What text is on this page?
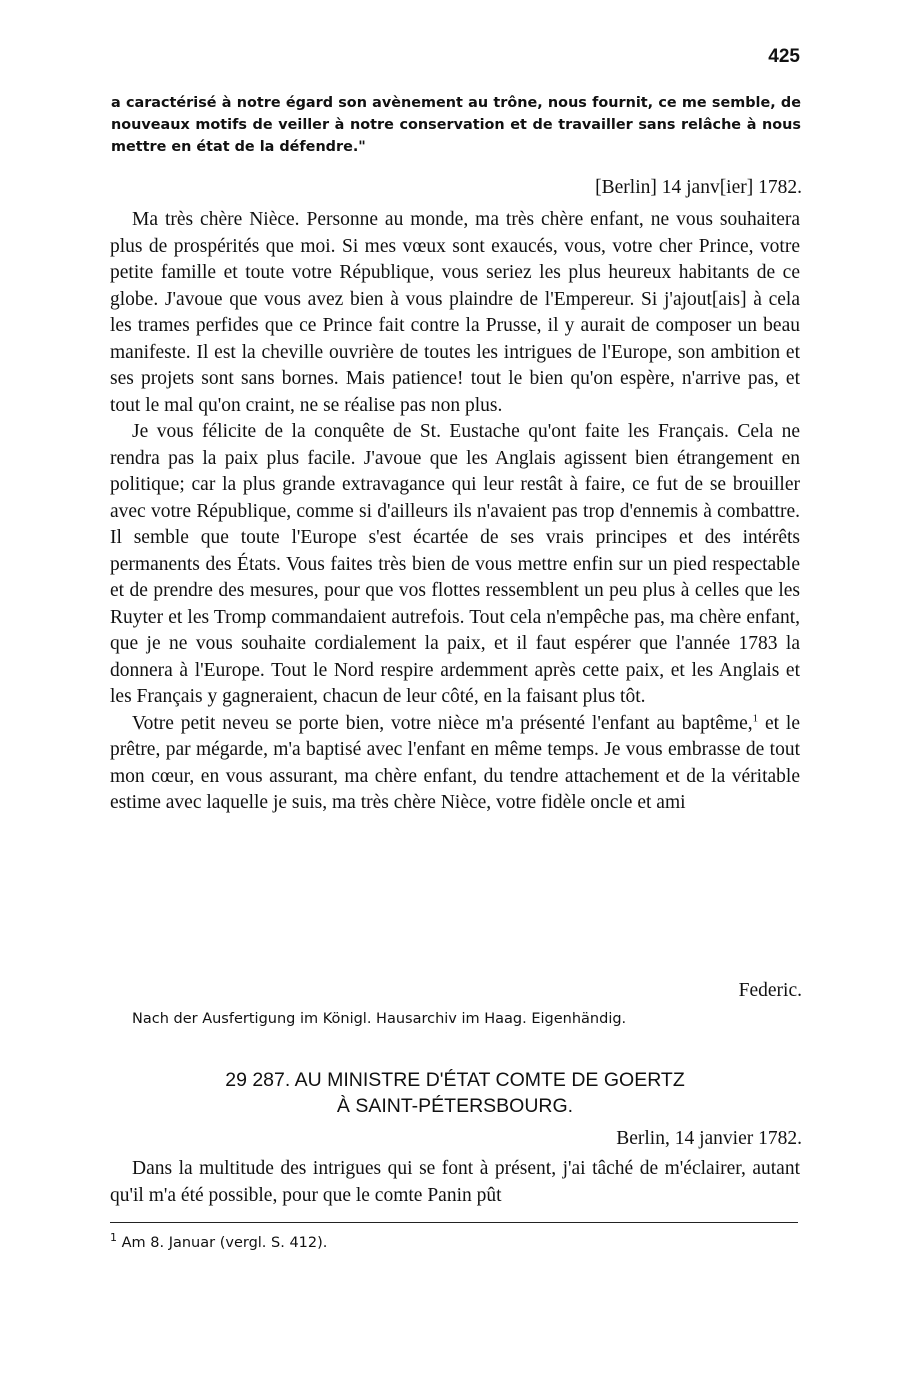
425
a caractérisé à notre égard son avènement au trône, nous fournit, ce me semble, de nouveaux motifs de veiller à notre conservation et de travailler sans relâche à nous mettre en état de la défendre."
[Berlin] 14 janv[ier] 1782.

Ma très chère Nièce. Personne au monde, ma très chère enfant, ne vous souhaitera plus de prospérités que moi. Si mes vœux sont exaucés, vous, votre cher Prince, votre petite famille et toute votre République, vous seriez les plus heureux habitants de ce globe. J'avoue que vous avez bien à vous plaindre de l'Empereur. Si j'ajout[ais] à cela les trames perfides que ce Prince fait contre la Prusse, il y aurait de composer un beau manifeste. Il est la cheville ouvrière de toutes les intrigues de l'Europe, son ambition et ses projets sont sans bornes. Mais patience! tout le bien qu'on espère, n'arrive pas, et tout le mal qu'on craint, ne se réalise pas non plus.

Je vous félicite de la conquête de St. Eustache qu'ont faite les Français. Cela ne rendra pas la paix plus facile. J'avoue que les Anglais agissent bien étrangement en politique; car la plus grande extravagance qui leur restât à faire, ce fut de se brouiller avec votre République, comme si d'ailleurs ils n'avaient pas trop d'ennemis à combattre. Il semble que toute l'Europe s'est écartée de ses vrais principes et des intérêts permanents des États. Vous faites très bien de vous mettre enfin sur un pied respectable et de prendre des mesures, pour que vos flottes ressemblent un peu plus à celles que les Ruyter et les Tromp commandaient autrefois. Tout cela n'empêche pas, ma chère enfant, que je ne vous souhaite cordialement la paix, et il faut espérer que l'année 1783 la donnera à l'Europe. Tout le Nord respire ardemment après cette paix, et les Anglais et les Français y gagneraient, chacun de leur côté, en la faisant plus tôt.

Votre petit neveu se porte bien, votre nièce m'a présenté l'enfant au baptême,$^1$ et le prêtre, par mégarde, m'a baptisé avec l'enfant en même temps. Je vous embrasse de tout mon cœur, en vous assurant, ma chère enfant, du tendre attachement et de la véritable estime avec laquelle je suis, ma très chère Nièce, votre fidèle oncle et ami

Federic.
Nach der Ausfertigung im Königl. Hausarchiv im Haag. Eigenhändig.
29 287. AU MINISTRE D'ÉTAT COMTE DE GOERTZ
À SAINT-PÉTERSBOURG.
Berlin, 14 janvier 1782.

Dans la multitude des intrigues qui se font à présent, j'ai tâché de m'éclairer, autant qu'il m'a été possible, pour que le comte Panin pût

$^1$ Am 8. Januar (vergl. S. 412).
